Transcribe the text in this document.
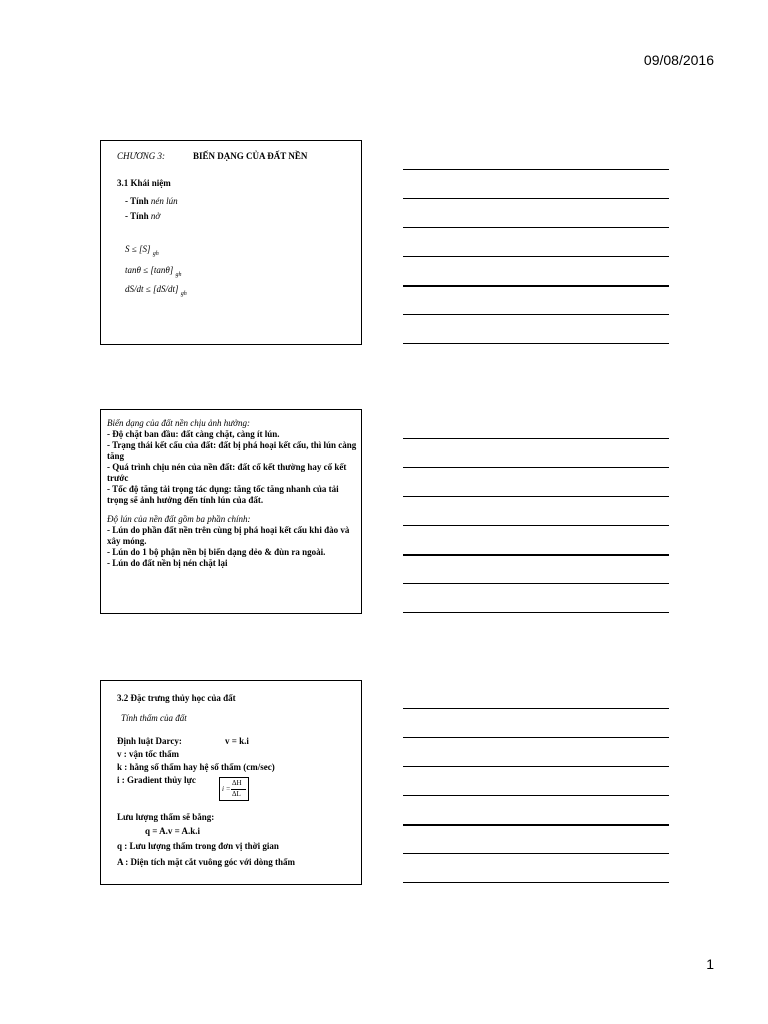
09/08/2016
CHƯƠNG 3:	BIẾN DẠNG CỦA ĐẤT NỀN
3.1 Khái niệm
- Tính nén lún
- Tính nở
S ≤ [S] $_{gh}$
tanθ ≤ [tanθ] $_{gh}$
dS/dt ≤ [dS/dt] $_{gh}$

Biến dạng của đất nền chịu ảnh hưởng:

- Độ chặt ban đầu: đất càng chặt, càng ít lún.

- Trạng thái kết cấu của đất: đất bị phá hoại kết cấu, thì lún càng tăng

- Quá trình chịu nén của nền đất: đất cố kết thường hay cố kết trước

- Tốc độ tăng tải trọng tác dụng: tăng tốc tăng nhanh của tải trọng sẽ ảnh hưởng đến tính lún của đất.

Độ lún của nền đất gồm ba phần chính:

- Lún do phần đất nền trên cùng bị phá hoại kết cấu khi đào và xây móng.

- Lún do 1 bộ phận nền bị biến dạng dẻo & đùn ra ngoài.

- Lún do đất nền bị nén chặt lại

3.2 Đặc trưng thủy học của đất
Tính thấm của đất
Định luật Darcy:	v = k.i
v : vận tốc thấm
k : hằng số thấm hay hệ số thấm (cm/sec)
i : Gradient thủy lực
i =
ΔH
ΔL
Lưu lượng thấm sẽ bằng:
q = A.v = A.k.i
q : Lưu lượng thấm trong đơn vị thời gian
A : Diện tích mặt cắt vuông góc với dòng thấm
1
